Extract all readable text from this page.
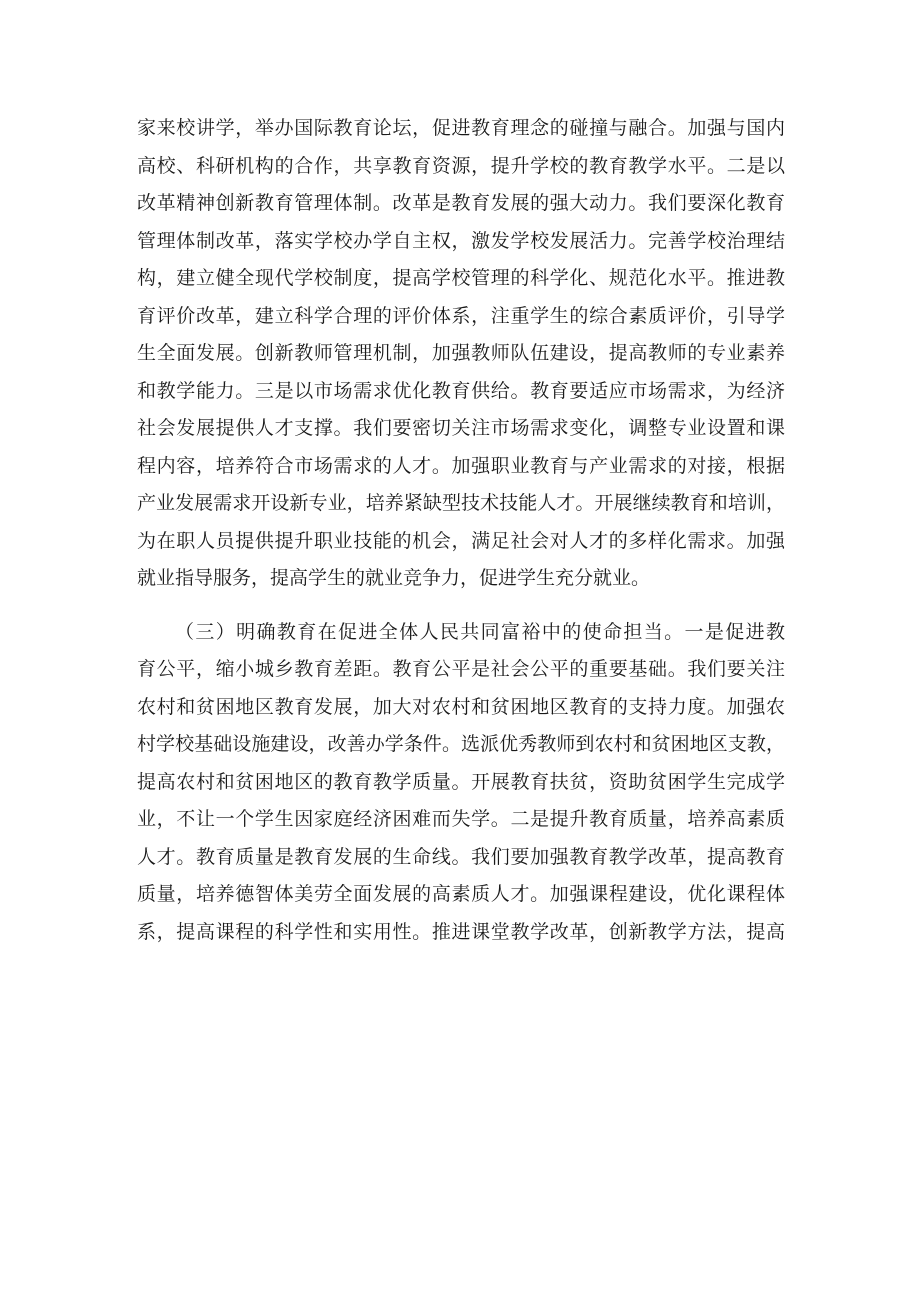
家来校讲学，举办国际教育论坛，促进教育理念的碰撞与融合。加强与国内
高校、科研机构的合作，共享教育资源，提升学校的教育教学水平。二是以
改革精神创新教育管理体制。改革是教育发展的强大动力。我们要深化教育
管理体制改革，落实学校办学自主权，激发学校发展活力。完善学校治理结
构，建立健全现代学校制度，提高学校管理的科学化、规范化水平。推进教
育评价改革，建立科学合理的评价体系，注重学生的综合素质评价，引导学
生全面发展。创新教师管理机制，加强教师队伍建设，提高教师的专业素养
和教学能力。三是以市场需求优化教育供给。教育要适应市场需求，为经济
社会发展提供人才支撑。我们要密切关注市场需求变化，调整专业设置和课
程内容，培养符合市场需求的人才。加强职业教育与产业需求的对接，根据
产业发展需求开设新专业，培养紧缺型技术技能人才。开展继续教育和培训，
为在职人员提供提升职业技能的机会，满足社会对人才的多样化需求。加强
就业指导服务，提高学生的就业竞争力，促进学生充分就业。
（三）明确教育在促进全体人民共同富裕中的使命担当。一是促进教
育公平，缩小城乡教育差距。教育公平是社会公平的重要基础。我们要关注
农村和贫困地区教育发展，加大对农村和贫困地区教育的支持力度。加强农
村学校基础设施建设，改善办学条件。选派优秀教师到农村和贫困地区支教，
提高农村和贫困地区的教育教学质量。开展教育扶贫，资助贫困学生完成学
业，不让一个学生因家庭经济困难而失学。二是提升教育质量，培养高素质
人才。教育质量是教育发展的生命线。我们要加强教育教学改革，提高教育
质量，培养德智体美劳全面发展的高素质人才。加强课程建设，优化课程体
系，提高课程的科学性和实用性。推进课堂教学改革，创新教学方法，提高
